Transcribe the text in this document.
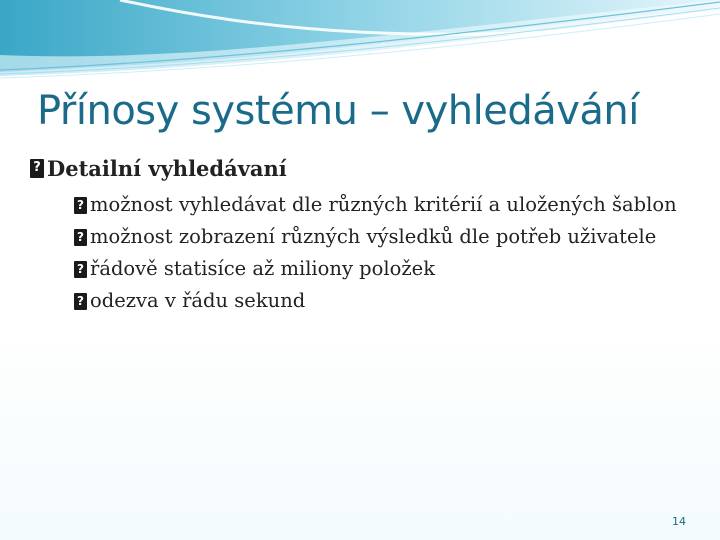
Přínosy systému – vyhledávání
?
Detailní vyhledávaní
?
možnost vyhledávat dle různých kritérií a uložených šablon
?
možnost zobrazení různých výsledků dle potřeb uživatele
?
řádově statisíce až miliony položek
?
odezva v řádu sekund
14
